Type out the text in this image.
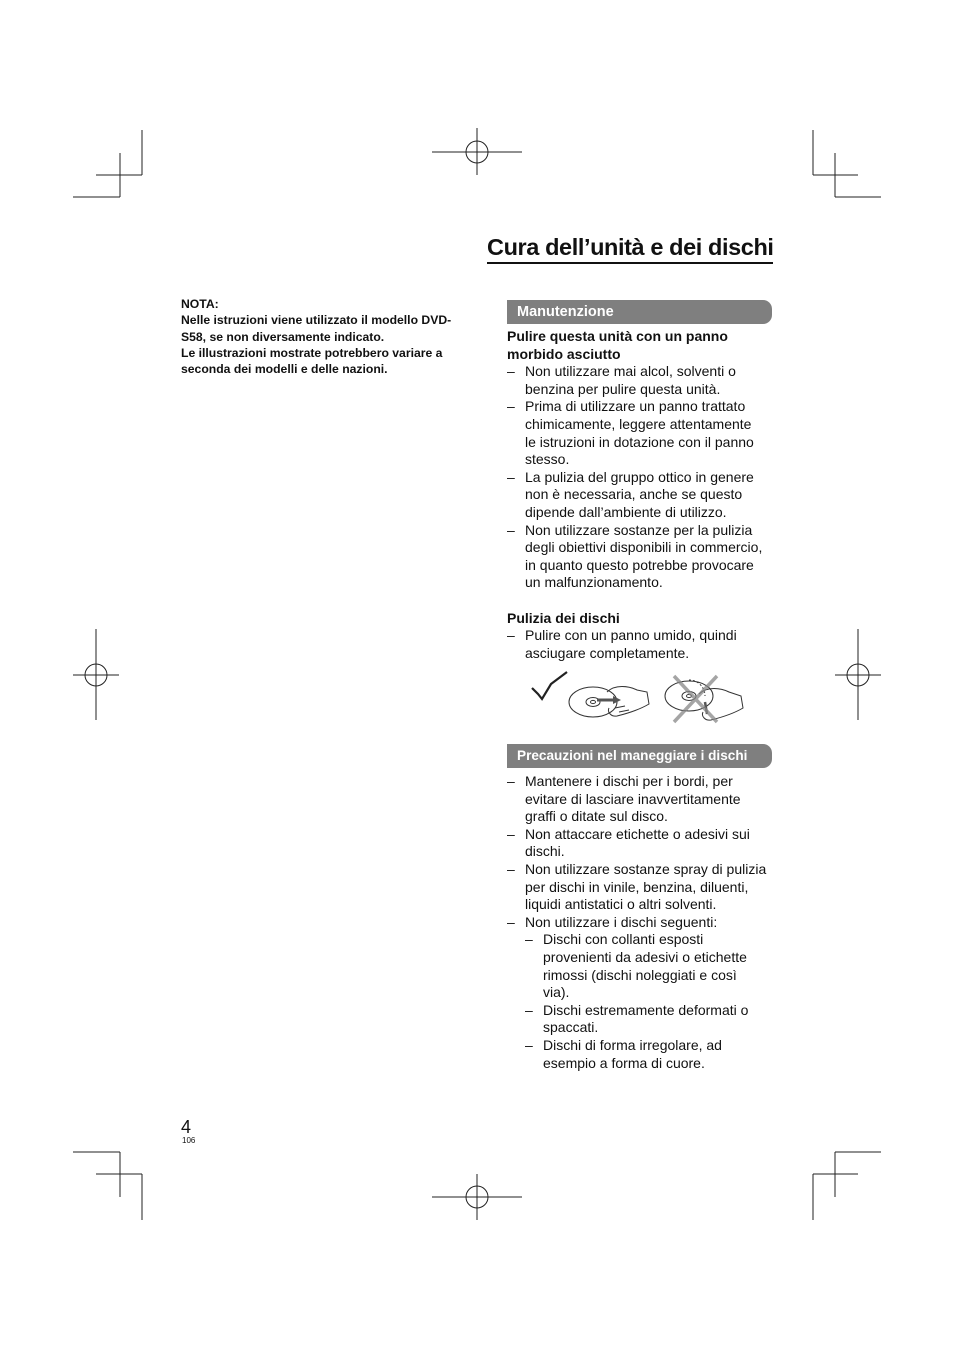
Cura dell’unità e dei dischi
NOTA:
Nelle istruzioni viene utilizzato il modello DVD-
S58, se non diversamente indicato.
Le illustrazioni mostrate potrebbero variare a
seconda dei modelli e delle nazioni.
Manutenzione
Pulire questa unità con un panno
morbido asciutto
– Non utilizzare mai alcol, solventi o
benzina per pulire questa unità.
– Prima di utilizzare un panno trattato
chimicamente, leggere attentamente
le istruzioni in dotazione con il panno
stesso.
– La pulizia del gruppo ottico in genere
non è necessaria, anche se questo
dipende dall’ambiente di utilizzo.
– Non utilizzare sostanze per la pulizia
degli obiettivi disponibili in commercio,
in quanto questo potrebbe provocare
un malfunzionamento.
Pulizia dei dischi
– Pulire con un panno umido, quindi
asciugare completamente.
Precauzioni nel maneggiare i dischi
– Mantenere i dischi per i bordi, per
evitare di lasciare inavvertitamente
graffi o ditate sul disco.
– Non attaccare etichette o adesivi sui
dischi.
– Non utilizzare sostanze spray di pulizia
per dischi in vinile, benzina, diluenti,
liquidi antistatici o altri solventi.
– Non utilizzare i dischi seguenti:
– Dischi con collanti esposti
provenienti da adesivi o etichette
rimossi (dischi noleggiati e così
via).
– Dischi estremamente deformati o
spaccati.
– Dischi di forma irregolare, ad
esempio a forma di cuore.
4
106
